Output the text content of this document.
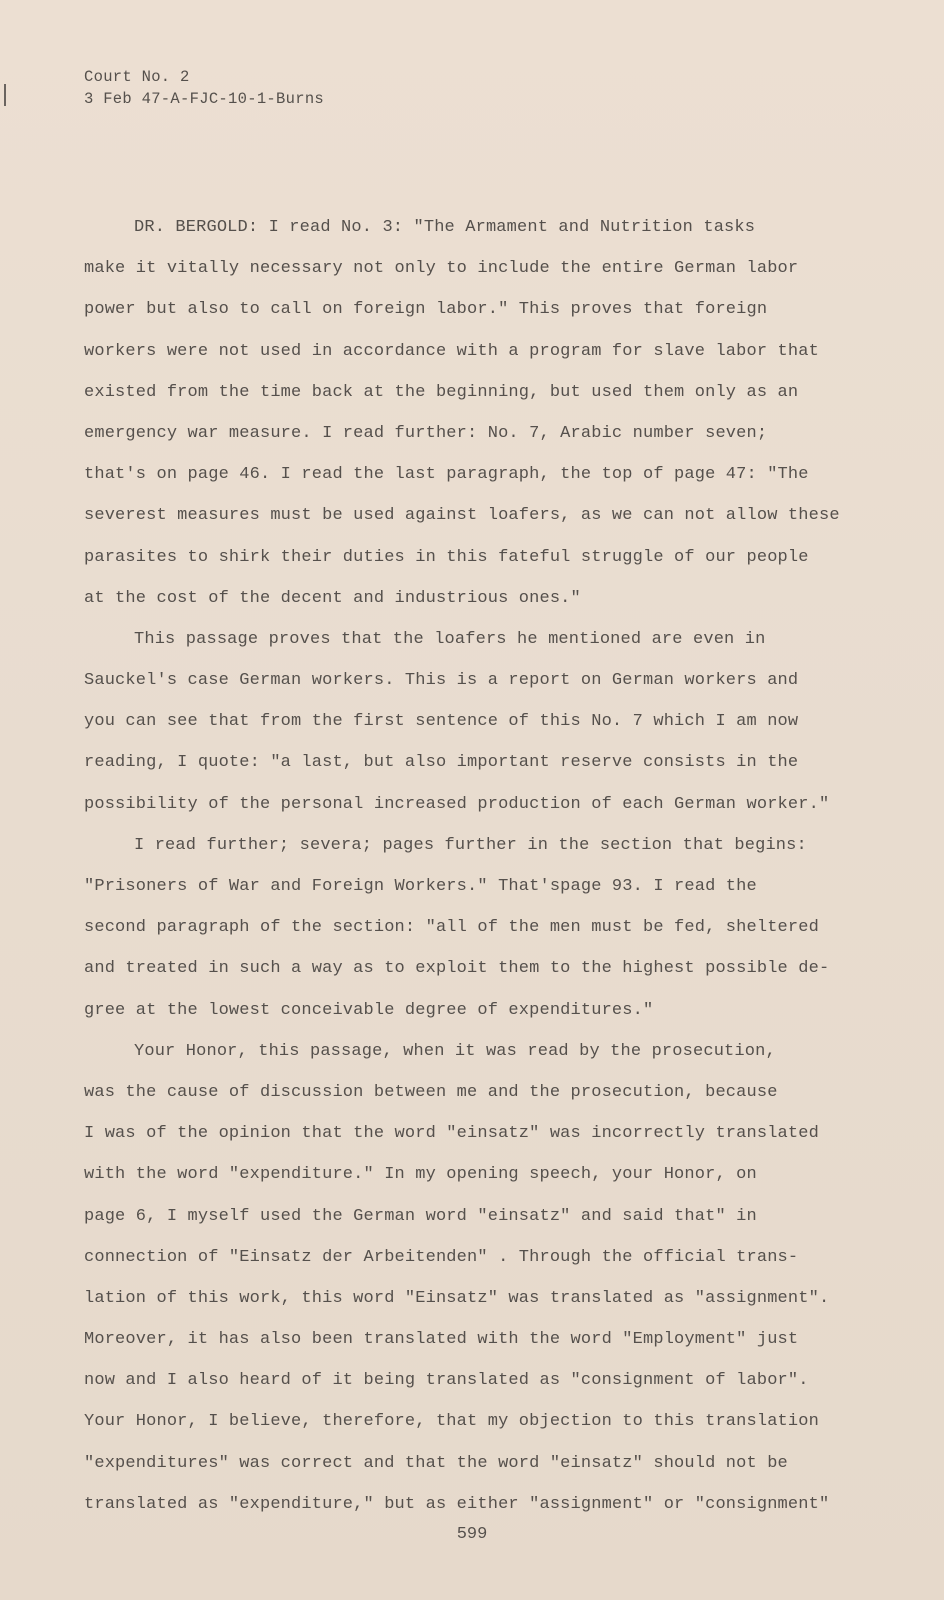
Court No. 2
3 Feb 47-A-FJC-10-1-Burns
DR. BERGOLD: I read No. 3: "The Armament and Nutrition tasks
make it vitally necessary not only to include the entire German labor
power but also to call on foreign labor." This proves that foreign
workers were not used in accordance with a program for slave labor that
existed from the time back at the beginning, but used them only as an
emergency war measure. I read further: No. 7, Arabic number seven;
that's on page 46. I read the last paragraph, the top of page 47: "The
severest measures must be used against loafers, as we can not allow these
parasites to shirk their duties in this fateful struggle of our people
at the cost of the decent and industrious ones."
This passage proves that the loafers he mentioned are even in
Sauckel's case German workers. This is a report on German workers and
you can see that from the first sentence of this No. 7 which I am now
reading, I quote: "a last, but also important reserve consists in the
possibility of the personal increased production of each German worker."
I read further; severa; pages further in the section that begins:
"Prisoners of War and Foreign Workers." That'spage 93. I read the
second paragraph of the section: "all of the men must be fed, sheltered
and treated in such a way as to exploit them to the highest possible de-
gree at the lowest conceivable degree of expenditures."
Your Honor, this passage, when it was read by the prosecution,
was the cause of discussion between me and the prosecution, because
I was of the opinion that the word "einsatz" was incorrectly translated
with the word "expenditure." In my opening speech, your Honor, on
page 6, I myself used the German word "einsatz" and said that" in
connection of "Einsatz der Arbeitenden" . Through the official trans-
lation of this work, this word "Einsatz" was translated as "assignment".
Moreover, it has also been translated with the word "Employment" just
now and I also heard of it being translated as "consignment of labor".
Your Honor, I believe, therefore, that my objection to this translation
"expenditures" was correct and that the word "einsatz" should not be
translated as "expenditure," but as either "assignment" or "consignment"
599
